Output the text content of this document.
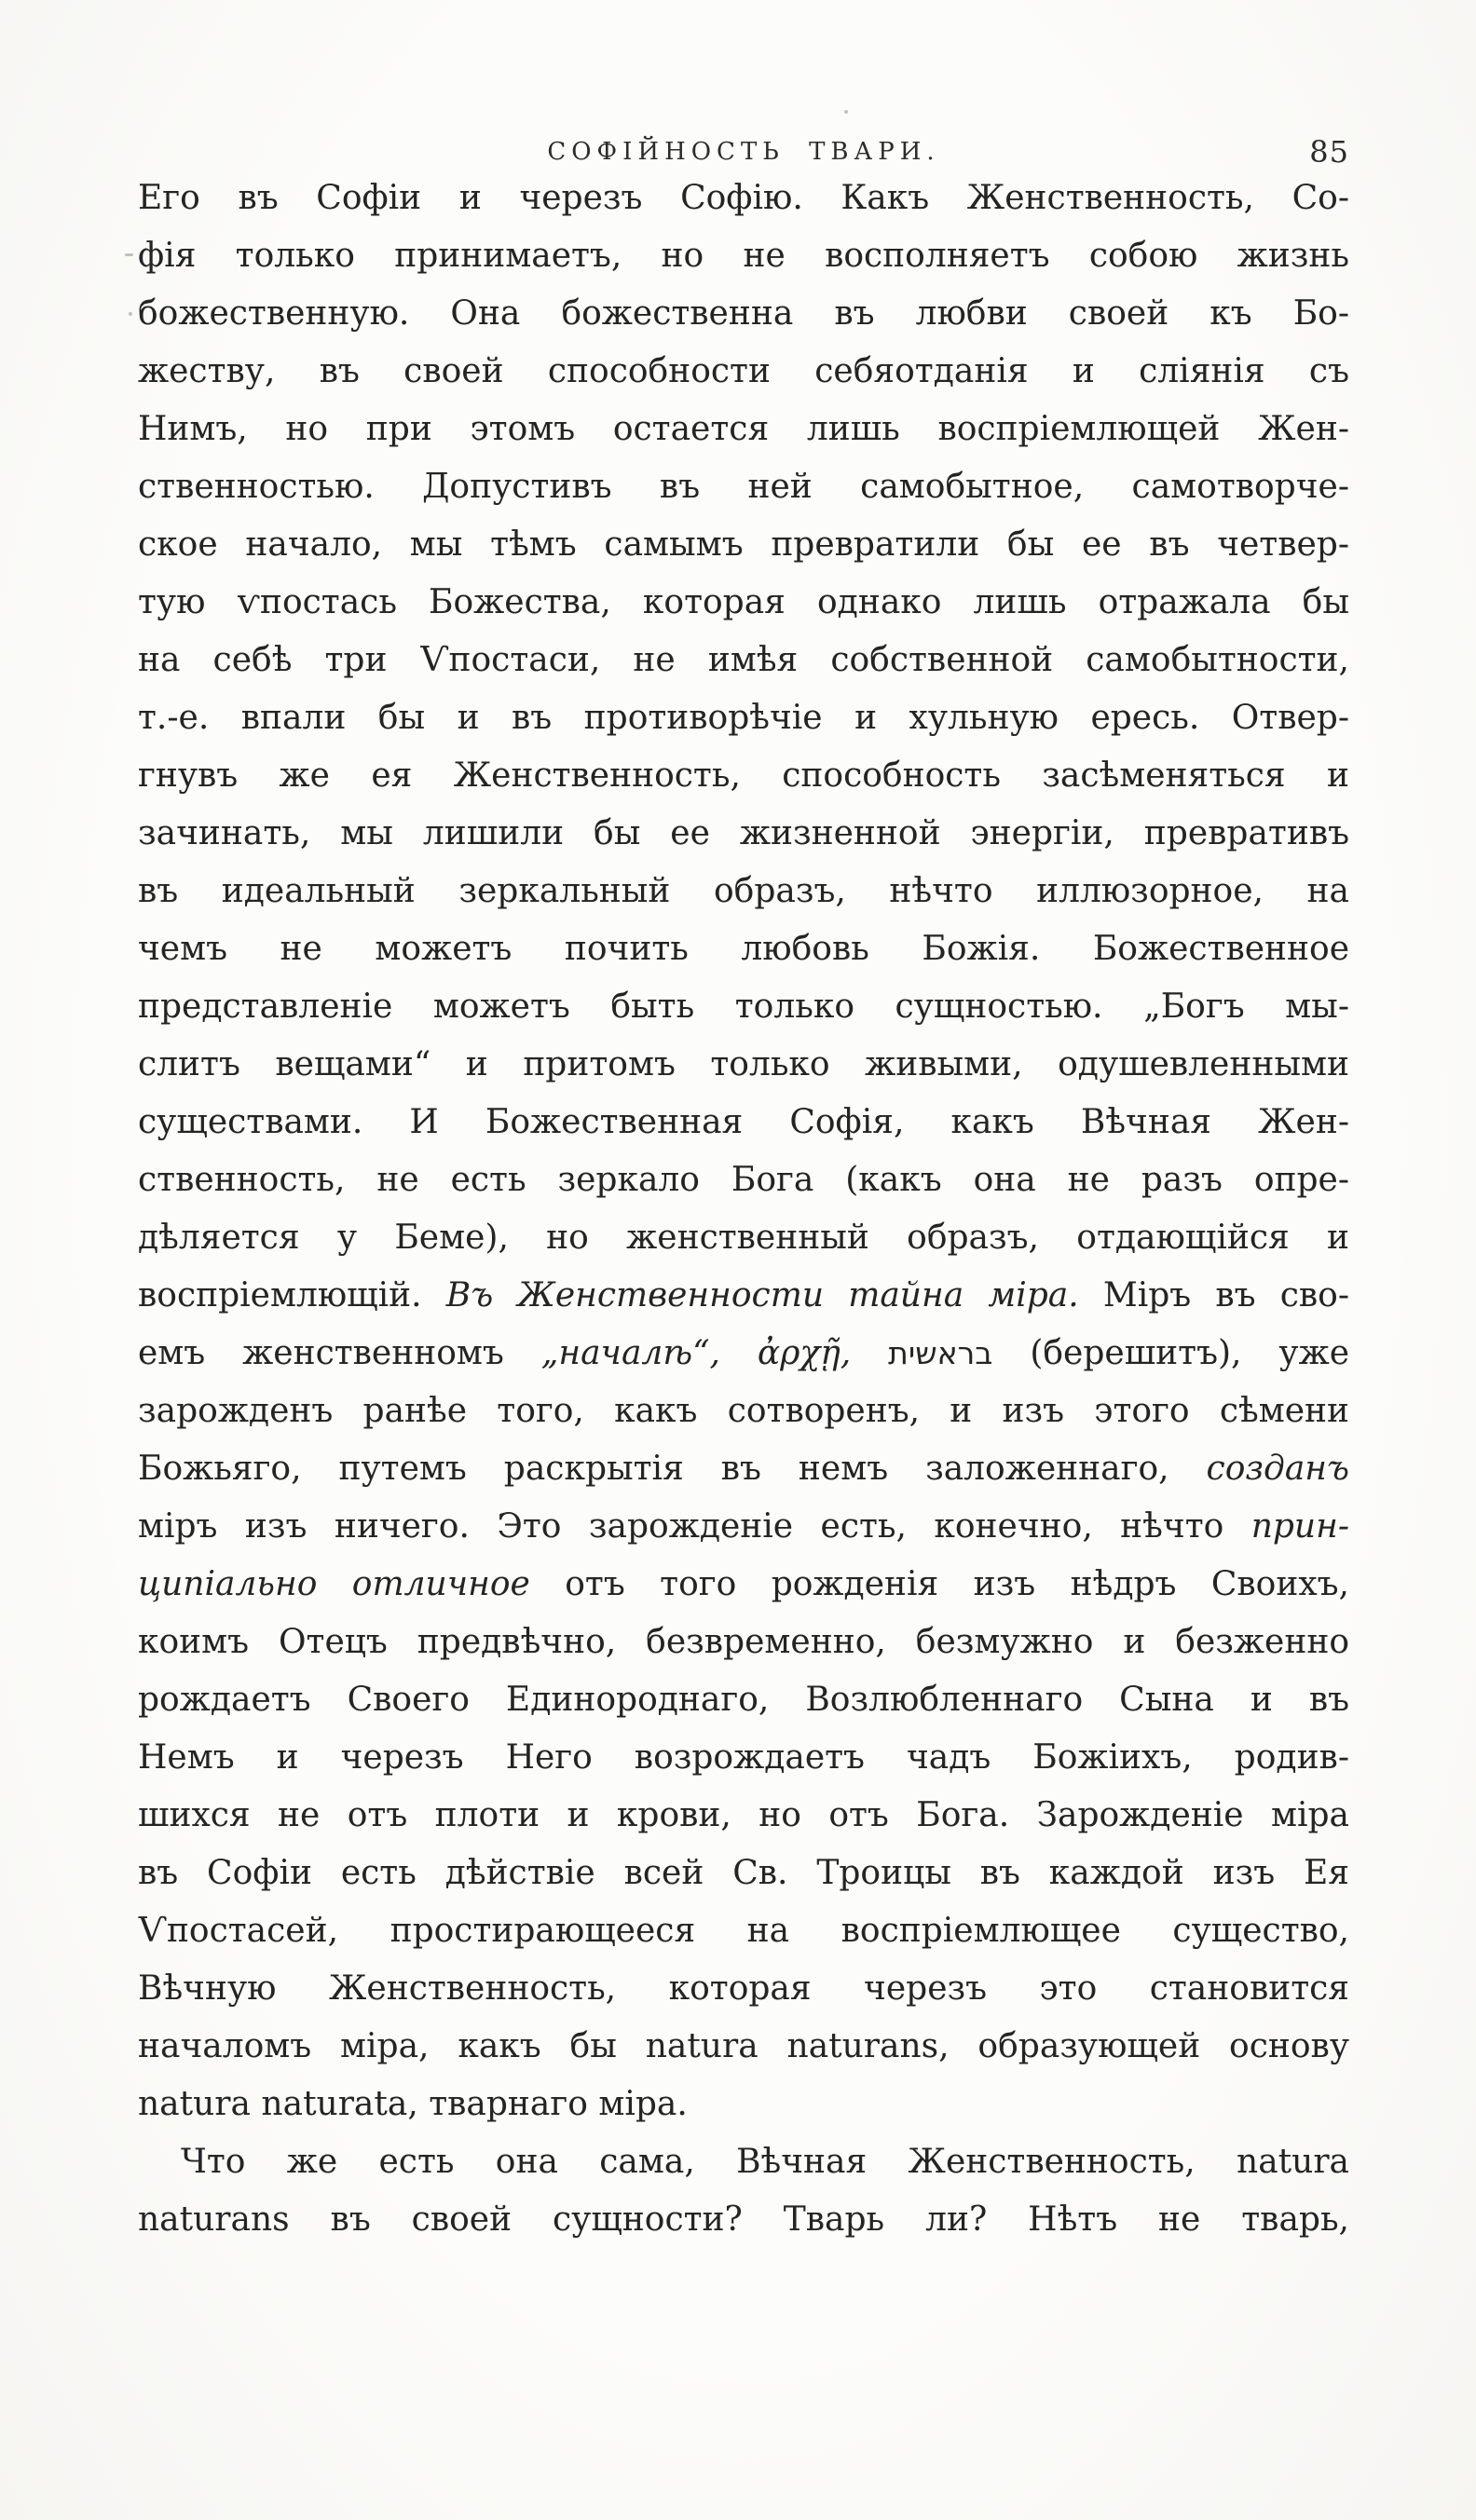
СОФІЙНОСТЬ ТВАРИ.	85
Его въ Софіи и черезъ Софію. Какъ Женственность, Со-
фія только принимаетъ, но не восполняетъ собою жизнь
божественную. Она божественна въ любви своей къ Бо-
жеству, въ своей способности себяотданія и сліянія съ
Нимъ, но при этомъ остается лишь воспріемлющей Жен-
ственностью. Допустивъ въ ней самобытное, самотворче-
ское начало, мы тѣмъ самымъ превратили бы ее въ четвер-
тую ѵпостась Божества, которая однако лишь отражала бы
на себѣ три Ѵпостаси, не имѣя собственной самобытности,
т.-е. впали бы и въ противорѣчіе и хульную ересь. Отвер-
гнувъ же ея Женственность, способность засѣменяться и
зачинать, мы лишили бы ее жизненной энергіи, превративъ
въ идеальный зеркальный образъ, нѣчто иллюзорное, на
чемъ не можетъ почить любовь Божія. Божественное
представленіе можетъ быть только сущностью. „Богъ мы-
слитъ вещами“ и притомъ только живыми, одушевленными
существами. И Божественная Софія, какъ Вѣчная Жен-
ственность, не есть зеркало Бога (какъ она не разъ опре-
дѣляется у Беме), но женственный образъ, отдающійся и
воспріемлющій. Въ Женственности тайна міра. Міръ въ сво-
емъ женственномъ „началѣ“, ἀρχῇ, בראשית (берешитъ), уже
зарожденъ ранѣе того, какъ сотворенъ, и изъ этого сѣмени
Божьяго, путемъ раскрытія въ немъ заложеннаго, созданъ
міръ изъ ничего. Это зарожденіе есть, конечно, нѣчто прин-
ципіально отличное отъ того рожденія изъ нѣдръ Своихъ,
коимъ Отецъ предвѣчно, безвременно, безмужно и безженно
рождаетъ Своего Единороднаго, Возлюбленнаго Сына и въ
Немъ и черезъ Него возрождаетъ чадъ Божіихъ, родив-
шихся не отъ плоти и крови, но отъ Бога. Зарожденіе міра
въ Софіи есть дѣйствіе всей Св. Троицы въ каждой изъ Ея
Ѵпостасей, простирающееся на воспріемлющее существо,
Вѣчную Женственность, которая черезъ это становится
началомъ міра, какъ бы natura naturans, образующей основу
natura naturata, тварнаго міра.
Что же есть она сама, Вѣчная Женственность, natura
naturans въ своей сущности? Тварь ли? Нѣтъ не тварь,
